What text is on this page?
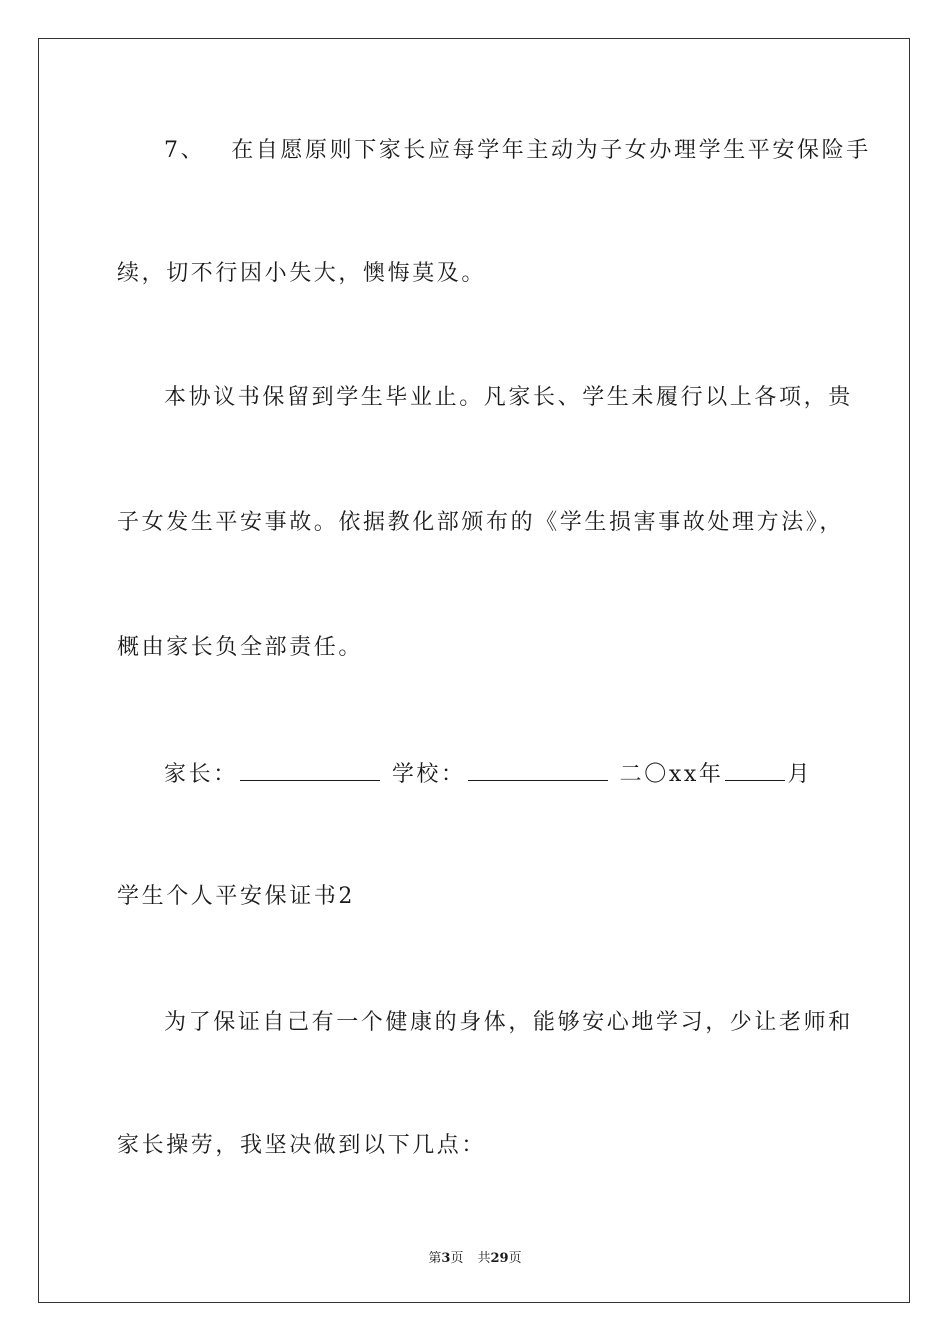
7、 在自愿原则下家长应每学年主动为子女办理学生平安保险手
续，切不行因小失大，懊悔莫及。
本协议书保留到学生毕业止。凡家长、学生未履行以上各项，贵
子女发生平安事故。依据教化部颁布的《学生损害事故处理方法》，
概由家长负全部责任。
家长：	学校：	二〇xx年	月
学生个人平安保证书2
为了保证自己有一个健康的身体，能够安心地学习，少让老师和
家长操劳，我坚决做到以下几点：
第3页 共29页
